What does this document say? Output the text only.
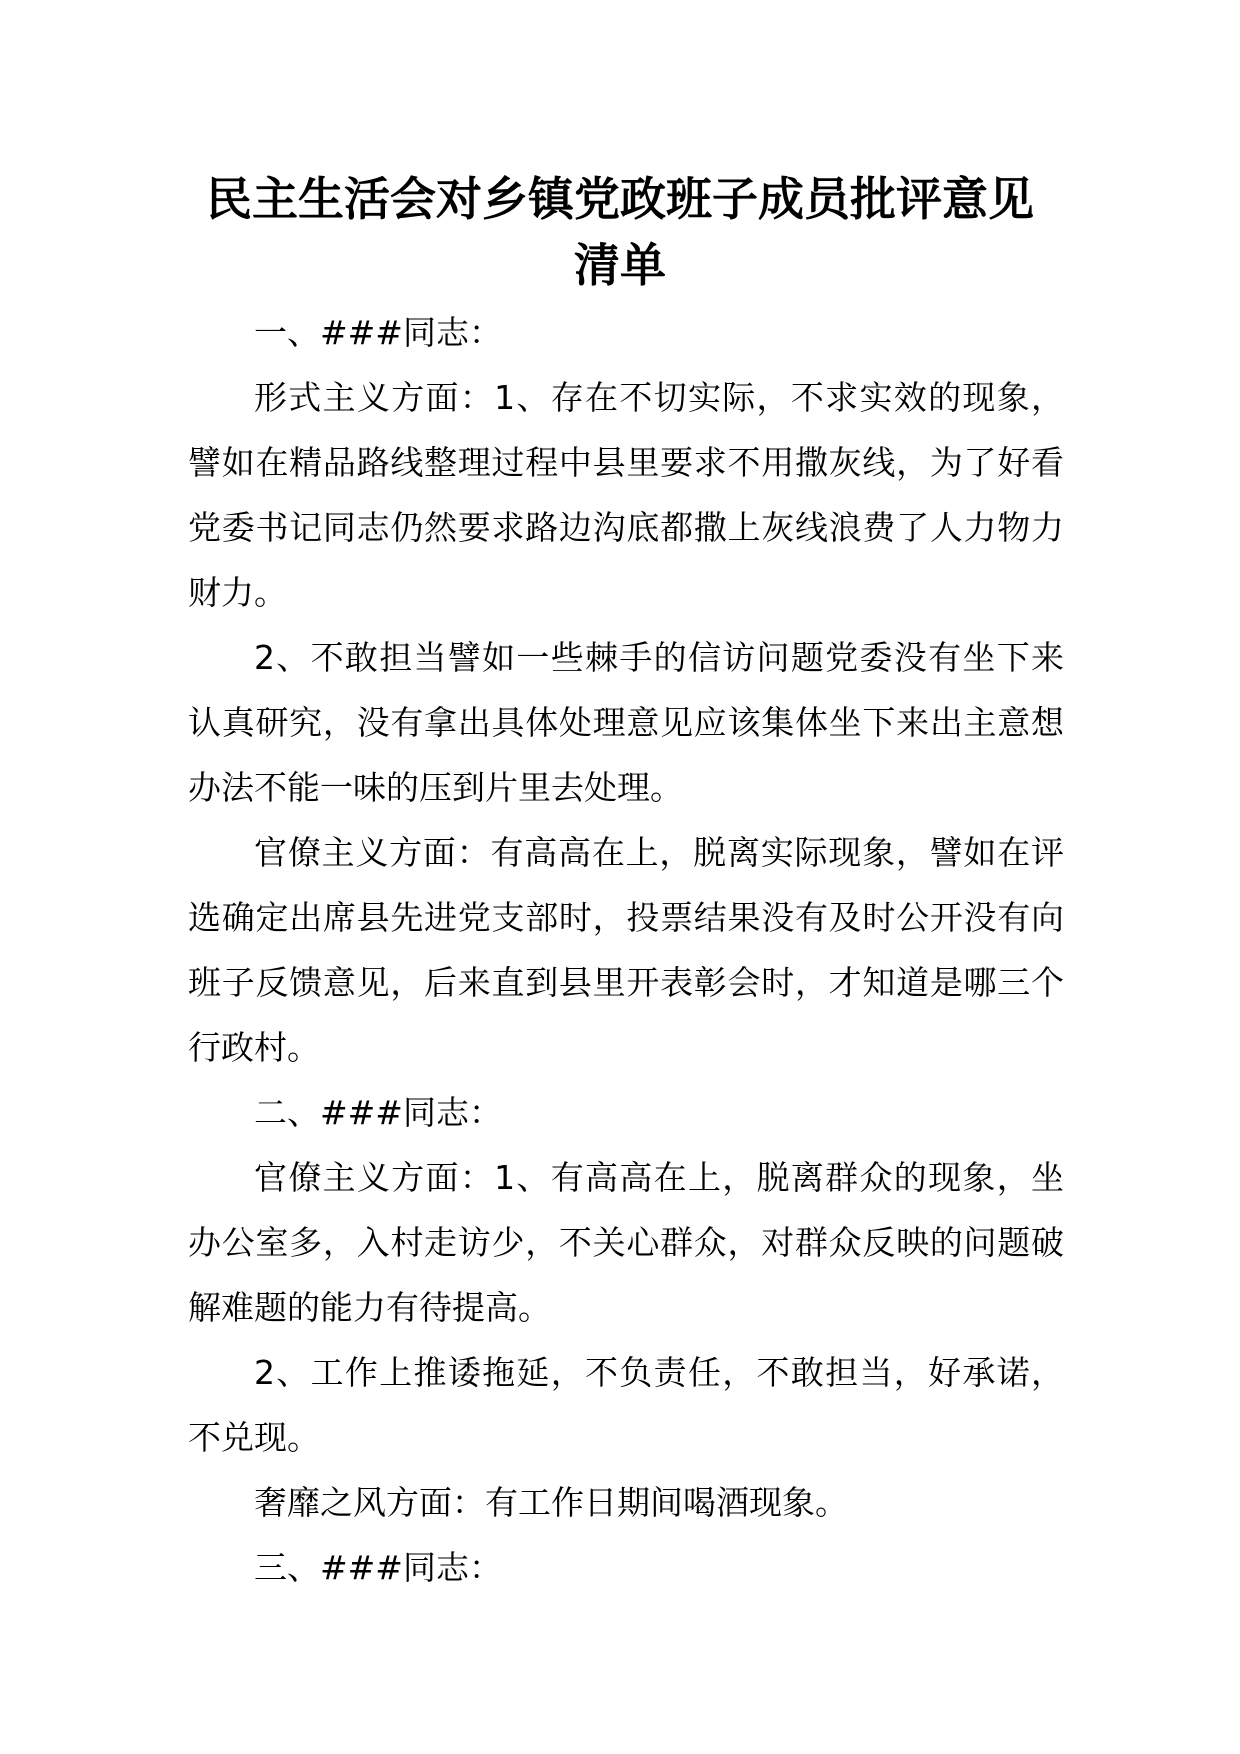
民主生活会对乡镇党政班子成员批评意见
清单

一、###同志：

形式主义方面：1、存在不切实际，不求实效的现象，譬如在精品路线整理过程中县里要求不用撒灰线，为了好看党委书记同志仍然要求路边沟底都撒上灰线浪费了人力物力财力。

2、不敢担当譬如一些棘手的信访问题党委没有坐下来认真研究，没有拿出具体处理意见应该集体坐下来出主意想办法不能一味的压到片里去处理。

官僚主义方面：有高高在上，脱离实际现象，譬如在评选确定出席县先进党支部时，投票结果没有及时公开没有向班子反馈意见，后来直到县里开表彰会时，才知道是哪三个行政村。

二、###同志：

官僚主义方面：1、有高高在上，脱离群众的现象，坐办公室多，入村走访少，不关心群众，对群众反映的问题破解难题的能力有待提高。

2、工作上推诿拖延，不负责任，不敢担当，好承诺，不兑现。

奢靡之风方面：有工作日期间喝酒现象。

三、###同志：
